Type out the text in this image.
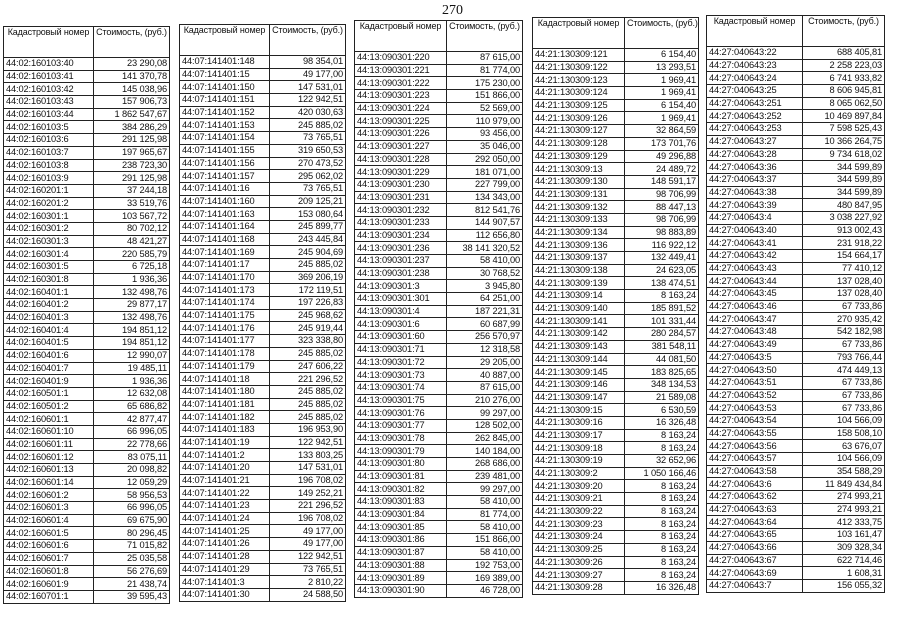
270
Кадастровый номер	Стоимость, (руб.)
44:02:160103:40	23 290,08
44:02:160103:41	141 370,78
44:02:160103:42	145 038,96
44:02:160103:43	157 906,73
44:02:160103:44	1 862 547,67
44:02:160103:5	384 286,29
44:02:160103:6	291 125,98
44:02:160103:7	197 965,67
44:02:160103:8	238 723,30
44:02:160103:9	291 125,98
44:02:160201:1	37 244,18
44:02:160201:2	33 519,76
44:02:160301:1	103 567,72
44:02:160301:2	80 702,12
44:02:160301:3	48 421,27
44:02:160301:4	220 585,79
44:02:160301:5	6 725,18
44:02:160301:8	1 936,36
44:02:160401:1	132 498,76
44:02:160401:2	29 877,17
44:02:160401:3	132 498,76
44:02:160401:4	194 851,12
44:02:160401:5	194 851,12
44:02:160401:6	12 990,07
44:02:160401:7	19 485,11
44:02:160401:9	1 936,36
44:02:160501:1	12 632,08
44:02:160501:2	65 686,82
44:02:160601:1	42 877,47
44:02:160601:10	66 996,05
44:02:160601:11	22 778,66
44:02:160601:12	83 075,11
44:02:160601:13	20 098,82
44:02:160601:14	12 059,29
44:02:160601:2	58 956,53
44:02:160601:3	66 996,05
44:02:160601:4	69 675,90
44:02:160601:5	80 296,45
44:02:160601:6	71 015,82
44:02:160601:7	25 035,58
44:02:160601:8	56 276,69
44:02:160601:9	21 438,74
44:02:160701:1	39 595,43
Кадастровый номер	Стоимость, (руб.)
44:07:141401:148	98 354,01
44:07:141401:15	49 177,00
44:07:141401:150	147 531,01
44:07:141401:151	122 942,51
44:07:141401:152	420 030,63
44:07:141401:153	245 885,02
44:07:141401:154	73 765,51
44:07:141401:155	319 650,53
44:07:141401:156	270 473,52
44:07:141401:157	295 062,02
44:07:141401:16	73 765,51
44:07:141401:160	209 125,21
44:07:141401:163	153 080,64
44:07:141401:164	245 899,77
44:07:141401:168	243 445,84
44:07:141401:169	245 904,69
44:07:141401:17	245 885,02
44:07:141401:170	369 206,19
44:07:141401:173	172 119,51
44:07:141401:174	197 226,83
44:07:141401:175	245 968,62
44:07:141401:176	245 919,44
44:07:141401:177	323 338,80
44:07:141401:178	245 885,02
44:07:141401:179	247 606,22
44:07:141401:18	221 296,52
44:07:141401:180	245 885,02
44:07:141401:181	245 885,02
44:07:141401:182	245 885,02
44:07:141401:183	196 953,90
44:07:141401:19	122 942,51
44:07:141401:2	133 803,25
44:07:141401:20	147 531,01
44:07:141401:21	196 708,02
44:07:141401:22	149 252,21
44:07:141401:23	221 296,52
44:07:141401:24	196 708,02
44:07:141401:25	49 177,00
44:07:141401:26	49 177,00
44:07:141401:28	122 942,51
44:07:141401:29	73 765,51
44:07:141401:3	2 810,22
44:07:141401:30	24 588,50
Кадастровый номер	Стоимость, (руб.)
44:13:090301:220	87 615,00
44:13:090301:221	81 774,00
44:13:090301:222	175 230,00
44:13:090301:223	151 866,00
44:13:090301:224	52 569,00
44:13:090301:225	110 979,00
44:13:090301:226	93 456,00
44:13:090301:227	35 046,00
44:13:090301:228	292 050,00
44:13:090301:229	181 071,00
44:13:090301:230	227 799,00
44:13:090301:231	134 343,00
44:13:090301:232	812 541,76
44:13:090301:233	144 907,57
44:13:090301:234	112 656,80
44:13:090301:236	38 141 320,52
44:13:090301:237	58 410,00
44:13:090301:238	30 768,52
44:13:090301:3	3 945,80
44:13:090301:301	64 251,00
44:13:090301:4	187 221,31
44:13:090301:6	60 687,99
44:13:090301:60	256 570,97
44:13:090301:71	12 318,58
44:13:090301:72	29 205,00
44:13:090301:73	40 887,00
44:13:090301:74	87 615,00
44:13:090301:75	210 276,00
44:13:090301:76	99 297,00
44:13:090301:77	128 502,00
44:13:090301:78	262 845,00
44:13:090301:79	140 184,00
44:13:090301:80	268 686,00
44:13:090301:81	239 481,00
44:13:090301:82	99 297,00
44:13:090301:83	58 410,00
44:13:090301:84	81 774,00
44:13:090301:85	58 410,00
44:13:090301:86	151 866,00
44:13:090301:87	58 410,00
44:13:090301:88	192 753,00
44:13:090301:89	169 389,00
44:13:090301:90	46 728,00
Кадастровый номер	Стоимость, (руб.)
44:21:130309:121	6 154,40
44:21:130309:122	13 293,51
44:21:130309:123	1 969,41
44:21:130309:124	1 969,41
44:21:130309:125	6 154,40
44:21:130309:126	1 969,41
44:21:130309:127	32 864,59
44:21:130309:128	173 701,76
44:21:130309:129	49 296,88
44:21:130309:13	24 489,72
44:21:130309:130	148 591,17
44:21:130309:131	98 706,99
44:21:130309:132	88 447,13
44:21:130309:133	98 706,99
44:21:130309:134	98 883,89
44:21:130309:136	116 922,12
44:21:130309:137	132 449,41
44:21:130309:138	24 623,05
44:21:130309:139	138 474,51
44:21:130309:14	8 163,24
44:21:130309:140	185 891,52
44:21:130309:141	101 331,44
44:21:130309:142	280 284,57
44:21:130309:143	381 548,11
44:21:130309:144	44 081,50
44:21:130309:145	183 825,65
44:21:130309:146	348 134,53
44:21:130309:147	21 589,08
44:21:130309:15	6 530,59
44:21:130309:16	16 326,48
44:21:130309:17	8 163,24
44:21:130309:18	8 163,24
44:21:130309:19	32 652,96
44:21:130309:2	1 050 166,46
44:21:130309:20	8 163,24
44:21:130309:21	8 163,24
44:21:130309:22	8 163,24
44:21:130309:23	8 163,24
44:21:130309:24	8 163,24
44:21:130309:25	8 163,24
44:21:130309:26	8 163,24
44:21:130309:27	8 163,24
44:21:130309:28	16 326,48
Кадастровый номер	Стоимость, (руб.)
44:27:040643:22	688 405,81
44:27:040643:23	2 258 223,03
44:27:040643:24	6 741 933,82
44:27:040643:25	8 606 945,81
44:27:040643:251	8 065 062,50
44:27:040643:252	10 469 897,84
44:27:040643:253	7 598 525,43
44:27:040643:27	10 366 264,75
44:27:040643:28	9 734 618,02
44:27:040643:36	344 599,89
44:27:040643:37	344 599,89
44:27:040643:38	344 599,89
44:27:040643:39	480 847,95
44:27:040643:4	3 038 227,92
44:27:040643:40	913 002,43
44:27:040643:41	231 918,22
44:27:040643:42	154 664,17
44:27:040643:43	77 410,12
44:27:040643:44	137 028,40
44:27:040643:45	137 028,40
44:27:040643:46	67 733,86
44:27:040643:47	270 935,42
44:27:040643:48	542 182,98
44:27:040643:49	67 733,86
44:27:040643:5	793 766,44
44:27:040643:50	474 449,13
44:27:040643:51	67 733,86
44:27:040643:52	67 733,86
44:27:040643:53	67 733,86
44:27:040643:54	104 566,09
44:27:040643:55	158 508,10
44:27:040643:56	63 676,07
44:27:040643:57	104 566,09
44:27:040643:58	354 588,29
44:27:040643:6	11 849 434,84
44:27:040643:62	274 993,21
44:27:040643:63	274 993,21
44:27:040643:64	412 333,75
44:27:040643:65	103 161,47
44:27:040643:66	309 328,34
44:27:040643:67	622 714,46
44:27:040643:69	1 608,31
44:27:040643:7	156 055,32
